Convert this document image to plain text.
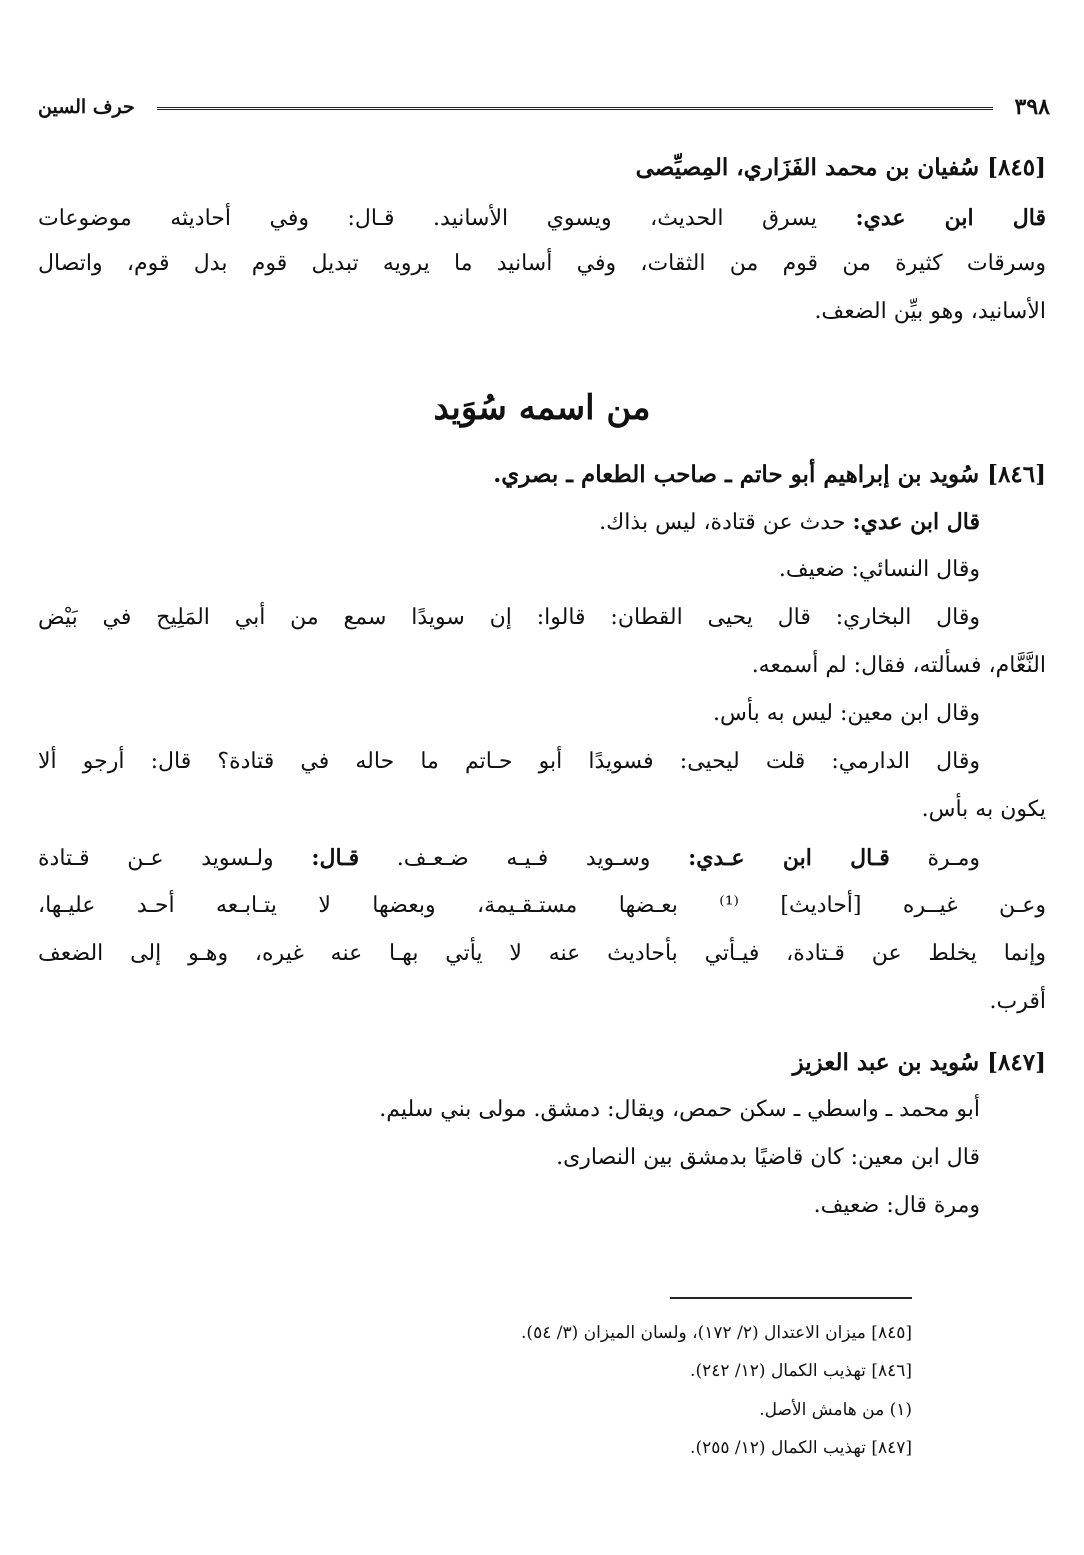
٣٩٨
حرف السين
[٨٤٥] سُفيان بن محمد الفَزَاري، المِصيِّصى
قال ابن عدي: يسرق الحديث، ويسوي الأسانيد. قـال: وفي أحاديثه موضوعات
وسرقات كثيرة من قوم من الثقات، وفي أسانيد ما يرويه تبديل قوم بدل قوم، واتصال
الأسانيد، وهو بيِّن الضعف.
من اسمه سُوَيد
[٨٤٦] سُويد بن إبراهيم أبو حاتم ـ صاحب الطعام ـ بصري.
قال ابن عدي: حدث عن قتادة، ليس بذاك.
وقال النسائي: ضعيف.
وقال البخاري: قال يحيى القطان: قالوا: إن سويدًا سمع من أبي المَلِيح في بَيْض
النَّعَّام، فسألته، فقال: لم أسمعه.
وقال ابن معين: ليس به بأس.
وقال الدارمي: قلت ليحيى: فسويدًا أبو حـاتم ما حاله في قتادة؟ قال: أرجو ألا
يكون به بأس.
ومـرة قـال ابن عـدي: وسـويد فـيـه ضـعـف. قـال: ولـسويد عـن قـتادة
وعـن غيــره [أحاديث] ⁽¹⁾ بعـضها مستـقـيمة، وبعضها لا يتـابـعه أحـد عليـها،
وإنما يخلط عن قـتادة، فيـأتي بأحاديث عنه لا يأتي بهـا عنه غيره، وهـو إلى الضعف
أقرب.
[٨٤٧] سُويد بن عبد العزيز
أبو محمد ـ واسطي ـ سكن حمص، ويقال: دمشق. مولى بني سليم.
قال ابن معين: كان قاضيًا بدمشق بين النصارى.
ومرة قال: ضعيف.
[٨٤٥] ميزان الاعتدال (٢/ ١٧٢)، ولسان الميزان (٣/ ٥٤).
[٨٤٦] تهذيب الكمال (١٢/ ٢٤٢).
(١) من هامش الأصل.
[٨٤٧] تهذيب الكمال (١٢/ ٢٥٥).
